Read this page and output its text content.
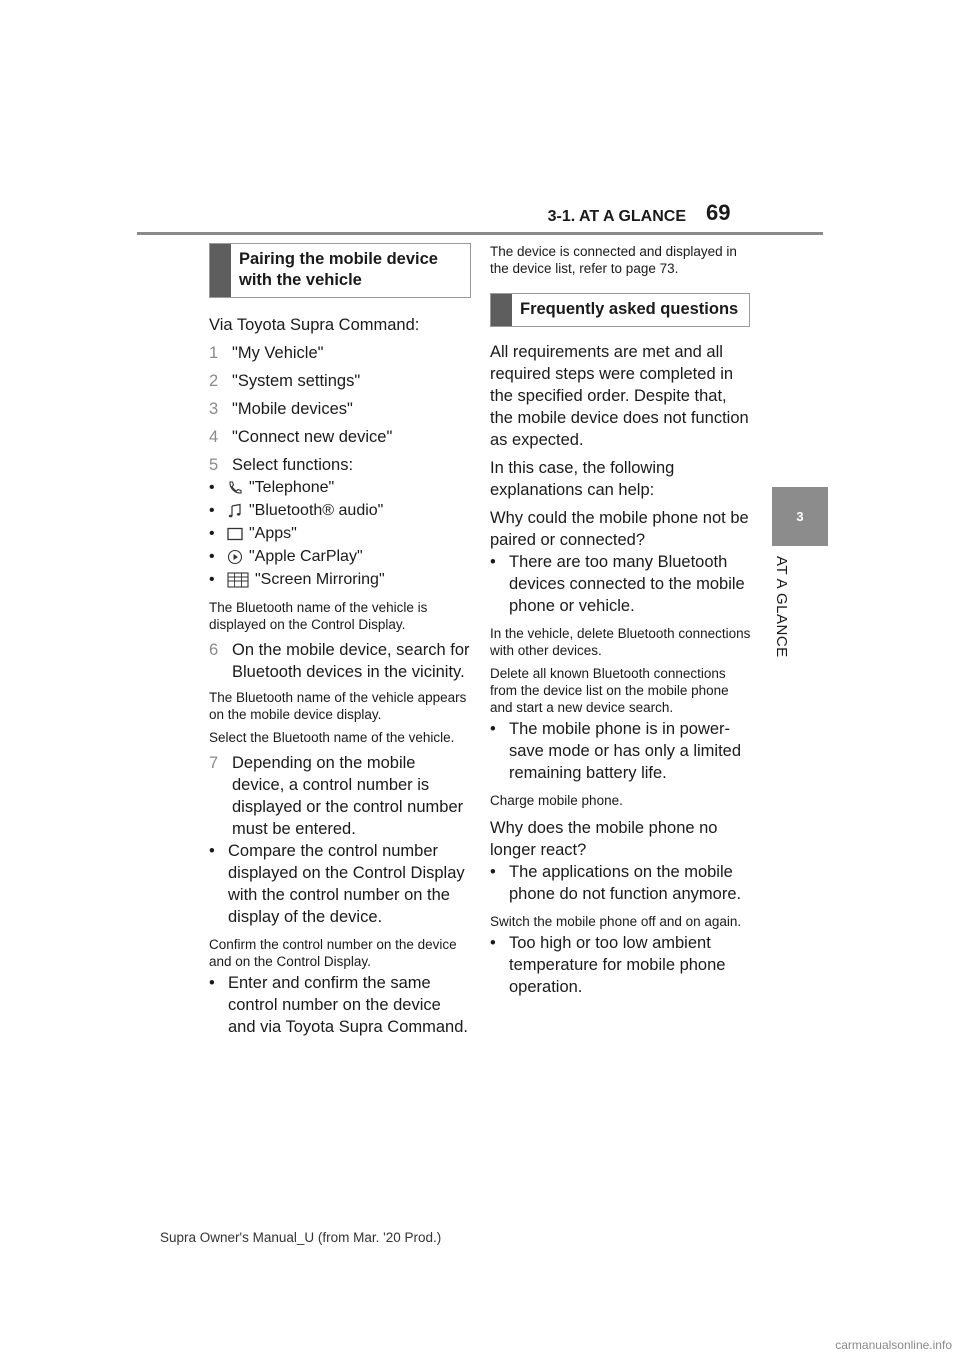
3-1. AT A GLANCE 69
3
AT A GLANCE
Pairing the mobile device with the vehicle
Via Toyota Supra Command:
1 "My Vehicle"
2 "System settings"
3 "Mobile devices"
4 "Connect new device"
5 Select functions:
•	"Telephone"
•	"Bluetooth® audio"
•	"Apps"
•	"Apple CarPlay"
•	"Screen Mirroring"
The Bluetooth name of the vehicle is displayed on the Control Display.
6 On the mobile device, search for Bluetooth devices in the vicinity.
The Bluetooth name of the vehicle appears on the mobile device display.
Select the Bluetooth name of the vehicle.
7 Depending on the mobile device, a control number is displayed or the control number must be entered.
• Compare the control number displayed on the Control Display with the control number on the display of the device.
Confirm the control number on the device and on the Control Display.
• Enter and confirm the same control number on the device and via Toyota Supra Command.
The device is connected and displayed in the device list, refer to page 73.
Frequently asked questions
All requirements are met and all required steps were completed in the specified order. Despite that, the mobile device does not function as expected.
In this case, the following explanations can help:
Why could the mobile phone not be paired or connected?
• There are too many Bluetooth devices connected to the mobile phone or vehicle.
In the vehicle, delete Bluetooth connections with other devices.
Delete all known Bluetooth connections from the device list on the mobile phone and start a new device search.
• The mobile phone is in power-save mode or has only a limited remaining battery life.
Charge mobile phone.
Why does the mobile phone no longer react?
• The applications on the mobile phone do not function anymore.
Switch the mobile phone off and on again.
• Too high or too low ambient temperature for mobile phone operation.
Supra Owner's Manual_U (from Mar. '20 Prod.)
carmanualsonline.info
